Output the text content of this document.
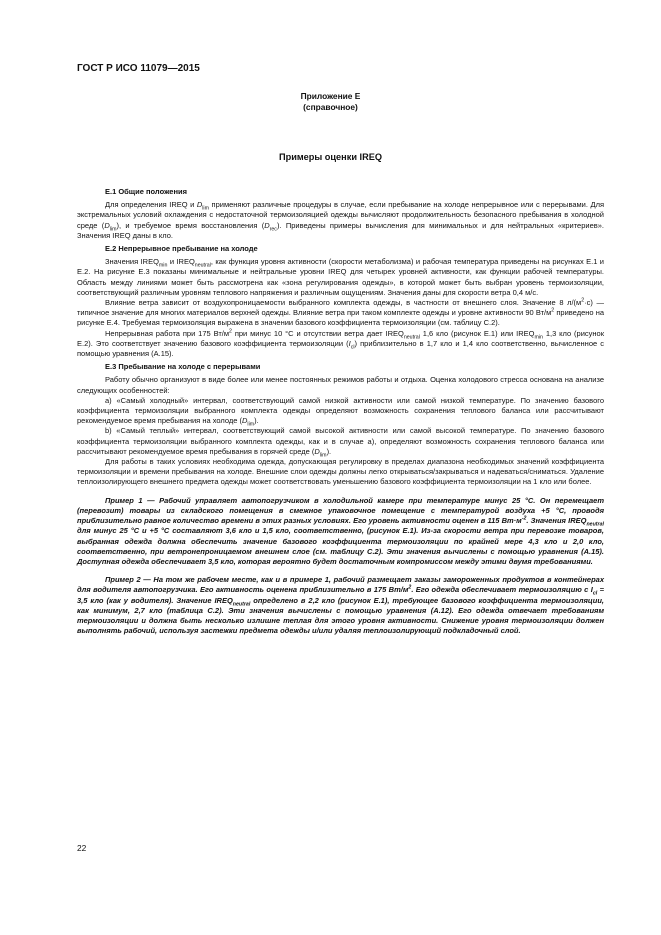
ГОСТ Р ИСО 11079—2015
Приложение Е
(справочное)
Примеры оценки IREQ
Е.1 Общие положения

Для определения IREQ и $D_{lim}$ применяют различные процедуры в случае, если пребывание на холоде непрерывное или с перерывами. Для экстремальных условий охлаждения с недостаточной термоизоляцией одежды вычисляют продолжительность безопасного пребывания в холодной среде $(D_{lim})$, и требуемое время восстановления $(D_{rec})$. Приведены примеры вычисления для минимальных и для нейтральных «критериев». Значения IREQ даны в кло.

Е.2 Непрерывное пребывание на холоде

Значения $IREQ_{min}$ и $IREQ_{neutral}$, как функция уровня активности (скорости метаболизма) и рабочая температура приведены на рисунках Е.1 и Е.2. На рисунке Е.3 показаны минимальные и нейтральные уровни IREQ для четырех уровней активности, как функции рабочей температуры. Область между линиями может быть рассмотрена как «зона регулирования одежды», в которой может быть выбран уровень термоизоляции, соответствующий различным уровням теплового напряжения и различным ощущениям. Значения даны для скорости ветра 0,4 м/с.

Влияние ветра зависит от воздухопроницаемости выбранного комплекта одежды, в частности от внешнего слоя. Значение 8 $л/(м^2\cdot с)$ — типичное значение для многих материалов верхней одежды. Влияние ветра при таком комплекте одежды и уровне активности 90 $Вт/м^2$ приведено на рисунке Е.4. Требуемая термоизоляция выражена в значении базового коэффициента термоизоляции (см. таблицу С.2).

Непрерывная работа при 175 $Вт/м^2$ при минус 10 °С и отсутствии ветра дает $IREQ_{neutral}$ 1,6 кло (рисунок Е.1) или $IREQ_{min}$ 1,3 кло (рисунок Е.2). Это соответствует значению базового коэффициента термоизоляции $(I_{cl})$ приблизительно в 1,7 кло и 1,4 кло соответственно, вычисленное с помощью уравнения (А.15).

Е.3 Пребывание на холоде с перерывами

Работу обычно организуют в виде более или менее постоянных режимов работы и отдыха. Оценка холодового стресса основана на анализе следующих особенностей:

а) «Самый холодный» интервал, соответствующий самой низкой активности или самой низкой температуре. По значению базового коэффициента термоизоляции выбранного комплекта одежды определяют возможность сохранения теплового баланса или рассчитывают рекомендуемое время пребывания на холоде $(D_{lim})$.

b) «Самый теплый» интервал, соответствующий самой высокой активности или самой высокой температуре. По значению базового коэффициента термоизоляции выбранного комплекта одежды, как и в случае а), определяют возможность сохранения теплового баланса или рассчитывают рекомендуемое время пребывания в горячей среде $(D_{lim})$.

Для работы в таких условиях необходима одежда, допускающая регулировку в пределах диапазона необходимых значений коэффициента термоизоляции и времени пребывания на холоде. Внешние слои одежды должны легко открываться/закрываться и надеваться/сниматься. Удаление теплоизолирующего внешнего предмета одежды может соответствовать уменьшению базового коэффициента термоизоляции на 1 кло или более.

Пример 1 — Рабочий управляет автопогрузчиком в холодильной камере при температуре минус 25 °С. Он перемещает (перевозит) товары из складского помещения в смежное упаковочное помещение с температурой воздуха +5 °С, проводя приблизительно равное количество времени в этих разных условиях. Его уровень активности оценен в 115 $Вт\cdot м^{-2}$. Значения $IREQ_{neutral}$ для минус 25 °С и +5 °С составляют 3,6 кло и 1,5 кло, соответственно, (рисунок Е.1). Из-за скорости ветра при перевозке товаров, выбранная одежда должна обеспечить значение базового коэффициента термоизоляции по крайней мере 4,3 кло и 2,0 кло, соответственно, при ветронепроницаемом внешнем слое (см. таблицу С.2). Эти значения вычислены с помощью уравнения (А.15). Доступная одежда обеспечивает 3,5 кло, которая вероятно будет достаточным компромиссом между этими двумя требованиями.

Пример 2 — На том же рабочем месте, как и в примере 1, рабочий размещает заказы замороженных продуктов в контейнерах для водителя автопогрузчика. Его активность оценена приблизительно в 175 $Вт/м^2$. Его одежда обеспечивает термоизоляцию с $I_{cl} = 3,5$ кло (как у водителя). Значение $IREQ_{neutral}$ определено в 2,2 кло (рисунок Е.1), требующее базового коэффициента термоизоляции, как минимум, 2,7 кло (таблица С.2). Эти значения вычислены с помощью уравнения (А.12). Его одежда отвечает требованиям термоизоляции и должна быть несколько излишне теплая для этого уровня активности. Снижение уровня термоизоляции должен выполнять рабочий, используя застежки предмета одежды и/или удаляя теплоизолирующий подкладочный слой.

22
